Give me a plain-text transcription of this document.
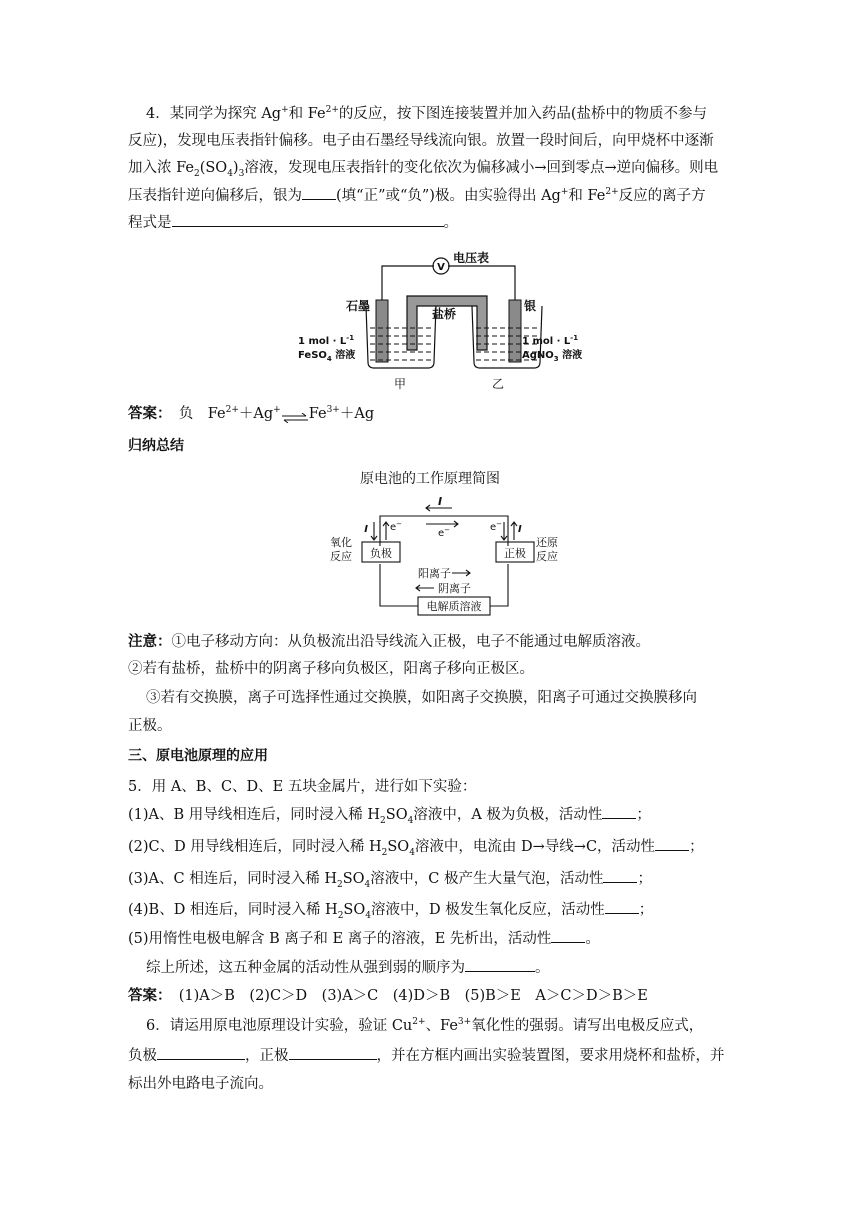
4．某同学为探究 Ag+和 $Fe^{2+}$的反应，按下图连接装置并加入药品(盐桥中的物质不参与
反应)，发现电压表指针偏移。电子由石墨经导线流向银。放置一段时间后，向甲烧杯中逐渐
加入浓 $Fe_2(SO_4)_3$溶液，发现电压表指针的变化依次为偏移减小→回到零点→逆向偏移。则电
压表指针逆向偏移后，银为 (填“正”或“负”)极。由实验得出 Ag+和 $Fe^{2+}$反应的离子方
程式是	。
V
电压表
石墨	银
盐桥
1 mol · $L^{-1}$
FeSO$_4$ 溶液
1 mol · $L^{-1}$
AgNO$_3$ 溶液
甲	乙
答案：  负　$Fe^{2+}+Ag^+\rightleftharpoons Fe^{3+}+Ag$
归纳总结
原电池的工作原理简图
I
e−
I e−	e− I
氧化
反应
还原
反应
负极	正极
阳离子
阴离子
电解质溶液
注意：①电子移动方向：从负极流出沿导线流入正极，电子不能通过电解质溶液。
②若有盐桥，盐桥中的阴离子移向负极区，阳离子移向正极区。
③若有交换膜，离子可选择性通过交换膜，如阳离子交换膜，阳离子可通过交换膜移向
正极。
三、原电池原理的应用
5．用 A、B、C、D、E 五块金属片，进行如下实验：
(1)A、B 用导线相连后，同时浸入稀 $H_2SO_4$溶液中，A 极为负极，活动性 ；
(2)C、D 用导线相连后，同时浸入稀 $H_2SO_4$溶液中，电流由 D→导线→C，活动性 ；
(3)A、C 相连后，同时浸入稀 $H_2SO_4$溶液中，C 极产生大量气泡，活动性 ；
(4)B、D 相连后，同时浸入稀 $H_2SO_4$溶液中，D 极发生氧化反应，活动性 ；
(5)用惰性电极电解含 B 离子和 E 离子的溶液，E 先析出，活动性 。
综上所述，这五种金属的活动性从强到弱的顺序为	。
答案：  (1)A＞B　(2)C＞D　(3)A＞C　(4)D＞B　(5)B＞E　A＞C＞D＞B＞E
6．请运用原电池原理设计实验，验证 $Cu^{2+}$、$Fe^{3+}$氧化性的强弱。请写出电极反应式，
负极	，正极	，并在方框内画出实验装置图，要求用烧杯和盐桥，并
标出外电路电子流向。
